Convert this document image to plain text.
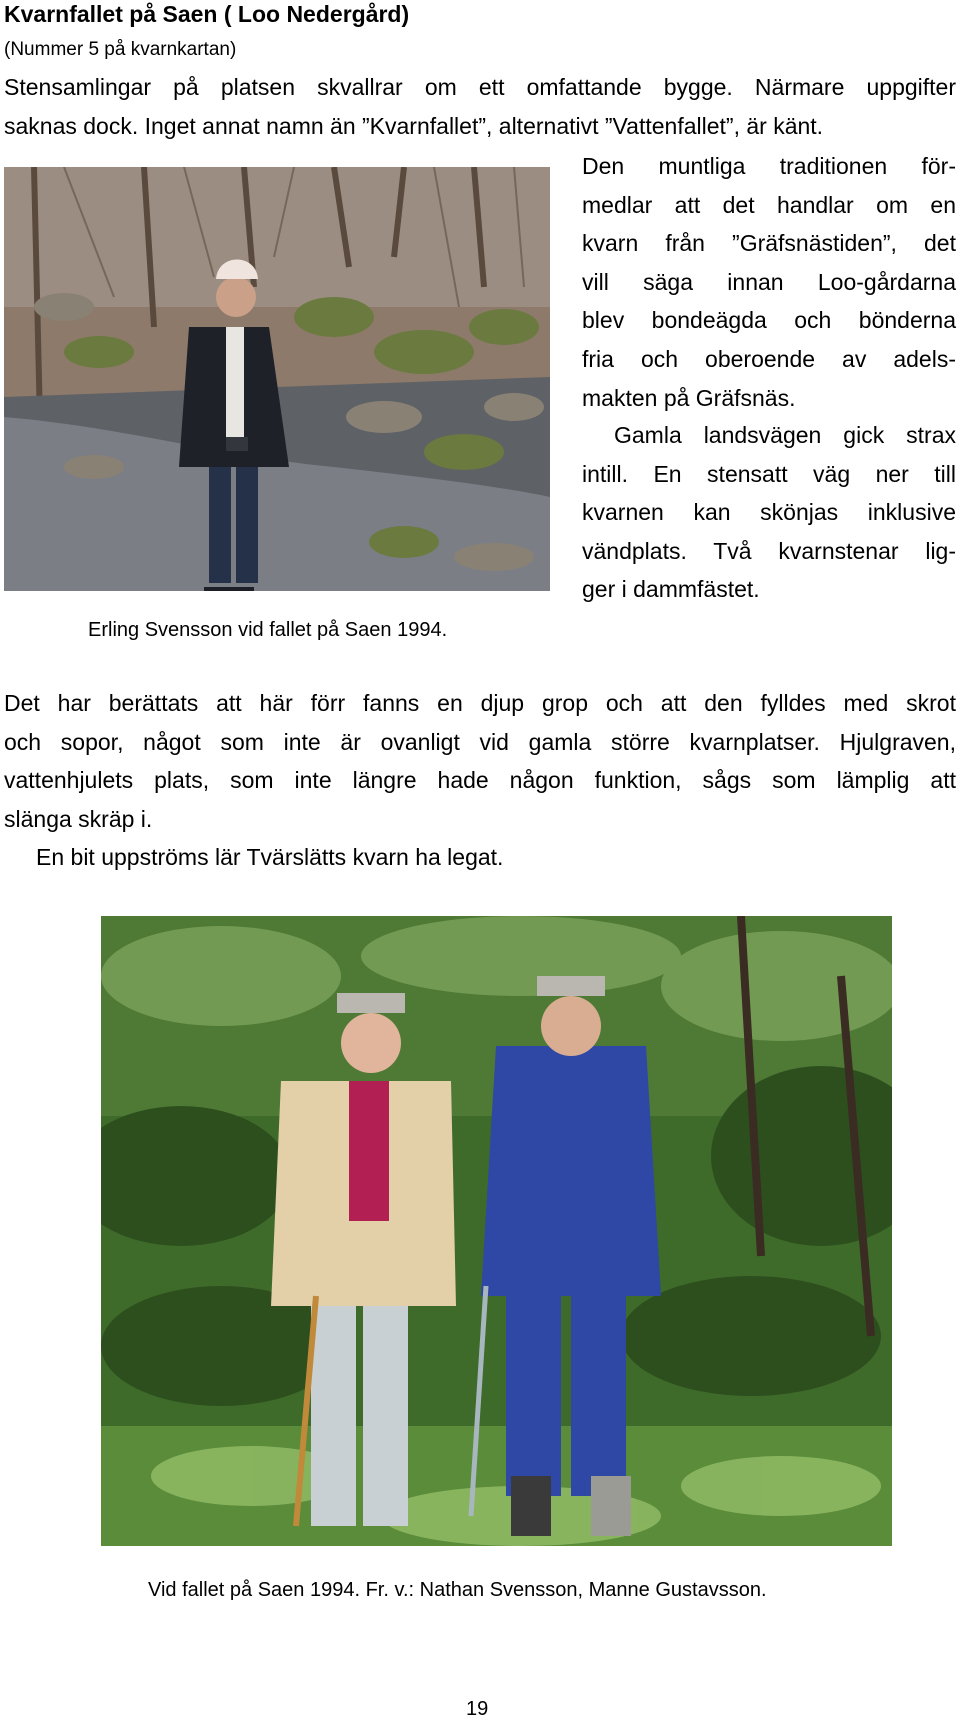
Kvarnfallet på Saen ( Loo Nedergård)
(Nummer 5 på kvarnkartan)
Stensamlingar på platsen skvallrar om ett omfattande bygge. Närmare uppgifter
saknas dock. Inget annat namn än ”Kvarnfallet”, alternativt ”Vattenfallet”, är känt.
Erling Svensson vid fallet på Saen 1994.
Den muntliga traditionen för-
medlar att det handlar om en
kvarn från ”Gräfsnästiden”, det
vill säga innan Loo-gårdarna
blev bondeägda och bönderna
fria och oberoende av adels-
makten på Gräfsnäs.
Gamla landsvägen gick strax
intill. En stensatt väg ner till
kvarnen kan skönjas inklusive
vändplats. Två kvarnstenar lig-
ger i dammfästet.
Det har berättats att här förr fanns en djup grop och att den fylldes med skrot
och sopor, något som inte är ovanligt vid gamla större kvarnplatser. Hjulgraven,
vattenhjulets plats, som inte längre hade någon funktion, sågs som lämplig att
slänga skräp i.
En bit uppströms lär Tvärslätts kvarn ha legat.
Vid fallet på Saen 1994. Fr. v.: Nathan Svensson, Manne Gustavsson.
19
